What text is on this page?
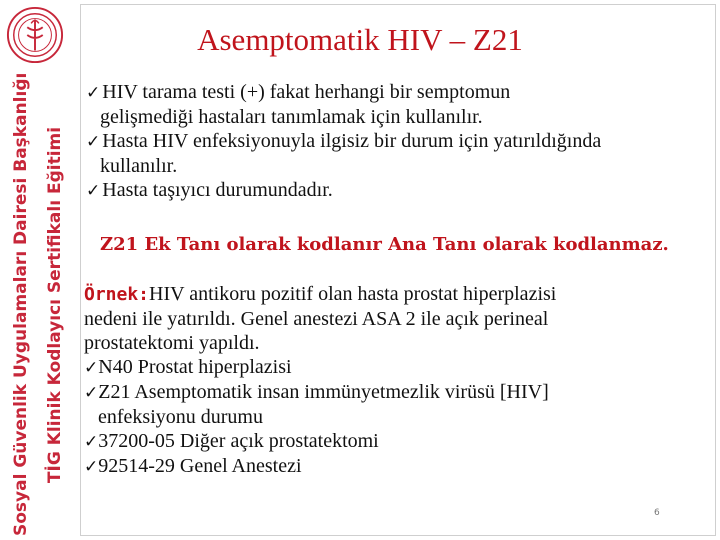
Sosyal Güvenlik Uygulamaları Dairesi Başkanlığı TİG Klinik Kodlayıcı Sertifikalı Eğitimi
Asemptomatik HIV – Z21
✓ HIV tarama testi (+) fakat herhangi bir semptomun
gelişmediği hastaları tanımlamak için kullanılır.
✓ Hasta HIV enfeksiyonuyla ilgisiz bir durum için yatırıldığında
kullanılır.
✓ Hasta taşıyıcı durumundadır.
Z21 Ek Tanı olarak kodlanır Ana Tanı olarak kodlanmaz.
Örnek:HIV antikoru pozitif olan hasta prostat hiperplazisi
nedeni ile yatırıldı. Genel anestezi ASA 2 ile açık perineal
prostatektomi yapıldı.
✓N40 Prostat hiperplazisi
✓Z21 Asemptomatik insan immünyetmezlik virüsü [HIV]
enfeksiyonu durumu
✓37200-05 Diğer açık prostatektomi
✓92514-29 Genel Anestezi
6
